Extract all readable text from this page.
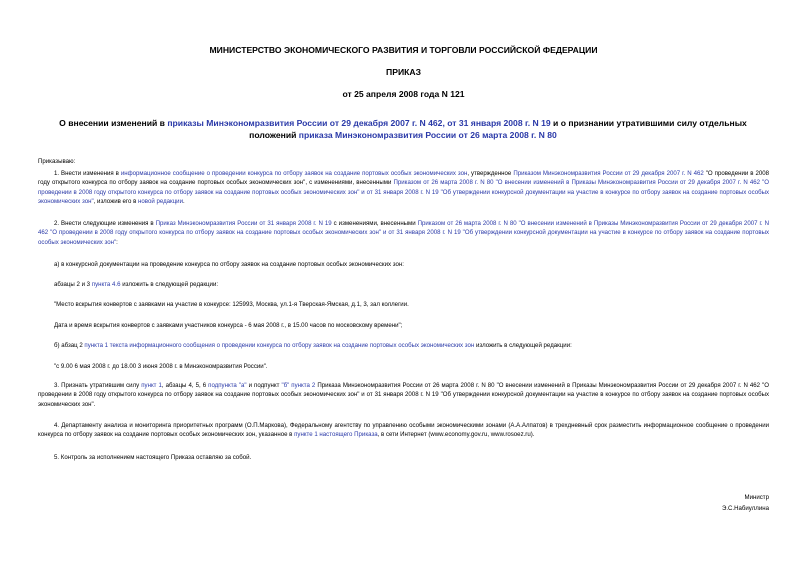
МИНИСТЕРСТВО ЭКОНОМИЧЕСКОГО РАЗВИТИЯ И ТОРГОВЛИ РОССИЙСКОЙ ФЕДЕРАЦИИ
ПРИКАЗ
от 25 апреля 2008 года N 121
О внесении изменений в приказы Минэкономразвития России от 29 декабря 2007 г. N 462, от 31 января 2008 г. N 19 и о признании утратившими силу отдельных положений приказа Минэкономразвития России от 26 марта 2008 г. N 80
Приказываю:
1. Внести изменения в информационное сообщение о проведении конкурса по отбору заявок на создание портовых особых экономических зон, утвержденное Приказом Минэкономразвития России от 29 декабря 2007 г. N 462 "О проведении в 2008 году открытого конкурса по отбору заявок на создание портовых особых экономических зон", с изменениями, внесенными Приказом от 26 марта 2008 г. N 80 "О внесении изменений в Приказы Минэкономразвития России от 29 декабря 2007 г. N 462 "О проведении в 2008 году открытого конкурса по отбору заявок на создание портовых особых экономических зон" и от 31 января 2008 г. N 19 "Об утверждении конкурсной документации на участие в конкурсе по отбору заявок на создание портовых особых экономических зон", изложив его в новой редакции.
2. Внести следующие изменения в Приказ Минэкономразвития России от 31 января 2008 г. N 19 с изменениями, внесенными Приказом от 26 марта 2008 г. N 80 "О внесении изменений в Приказы Минэкономразвития России от 29 декабря 2007 г. N 462 "О проведении в 2008 году открытого конкурса по отбору заявок на создание портовых особых экономических зон" и от 31 января 2008 г. N 19 "Об утверждении конкурсной документации на участие в конкурсе по отбору заявок на создание портовых особых экономических зон":
а) в конкурсной документации на проведение конкурса по отбору заявок на создание портовых особых экономических зон:
абзацы 2 и 3 пункта 4.6 изложить в следующей редакции:
"Место вскрытия конвертов с заявками на участие в конкурсе: 125993, Москва, ул.1-я Тверская-Ямская, д.1, 3, зал коллегии.
Дата и время вскрытия конвертов с заявками участников конкурса - 6 мая 2008 г., в 15.00 часов по московскому времени";
б) абзац 2 пункта 1 текста информационного сообщения о проведении конкурса по отбору заявок на создание портовых особых экономических зон изложить в следующей редакции:
"с 9.00 6 мая 2008 г. до 18.00 3 июня 2008 г. в Минэкономразвития России".
3. Признать утратившим силу пункт 1, абзацы 4, 5, 6 подпункта "а" и подпункт "б" пункта 2 Приказа Минэкономразвития России от 26 марта 2008 г. N 80 "О внесении изменений в Приказы Минэкономразвития России от 29 декабря 2007 г. N 462 "О проведении в 2008 году открытого конкурса по отбору заявок на создание портовых особых экономических зон" и от 31 января 2008 г. N 19 "Об утверждении конкурсной документации на участие в конкурсе по отбору заявок на создание портовых особых экономических зон".
4. Департаменту анализа и мониторинга приоритетных программ (О.П.Маркова), Федеральному агентству по управлению особыми экономическими зонами (А.А.Алпатов) в трехдневный срок разместить информационное сообщение о проведении конкурса по отбору заявок на создание портовых особых экономических зон, указанное в пункте 1 настоящего Приказа, в сети Интернет (www.economy.gov.ru, www.rosoez.ru).
5. Контроль за исполнением настоящего Приказа оставляю за собой.
Министр
Э.С.Набиуллина
